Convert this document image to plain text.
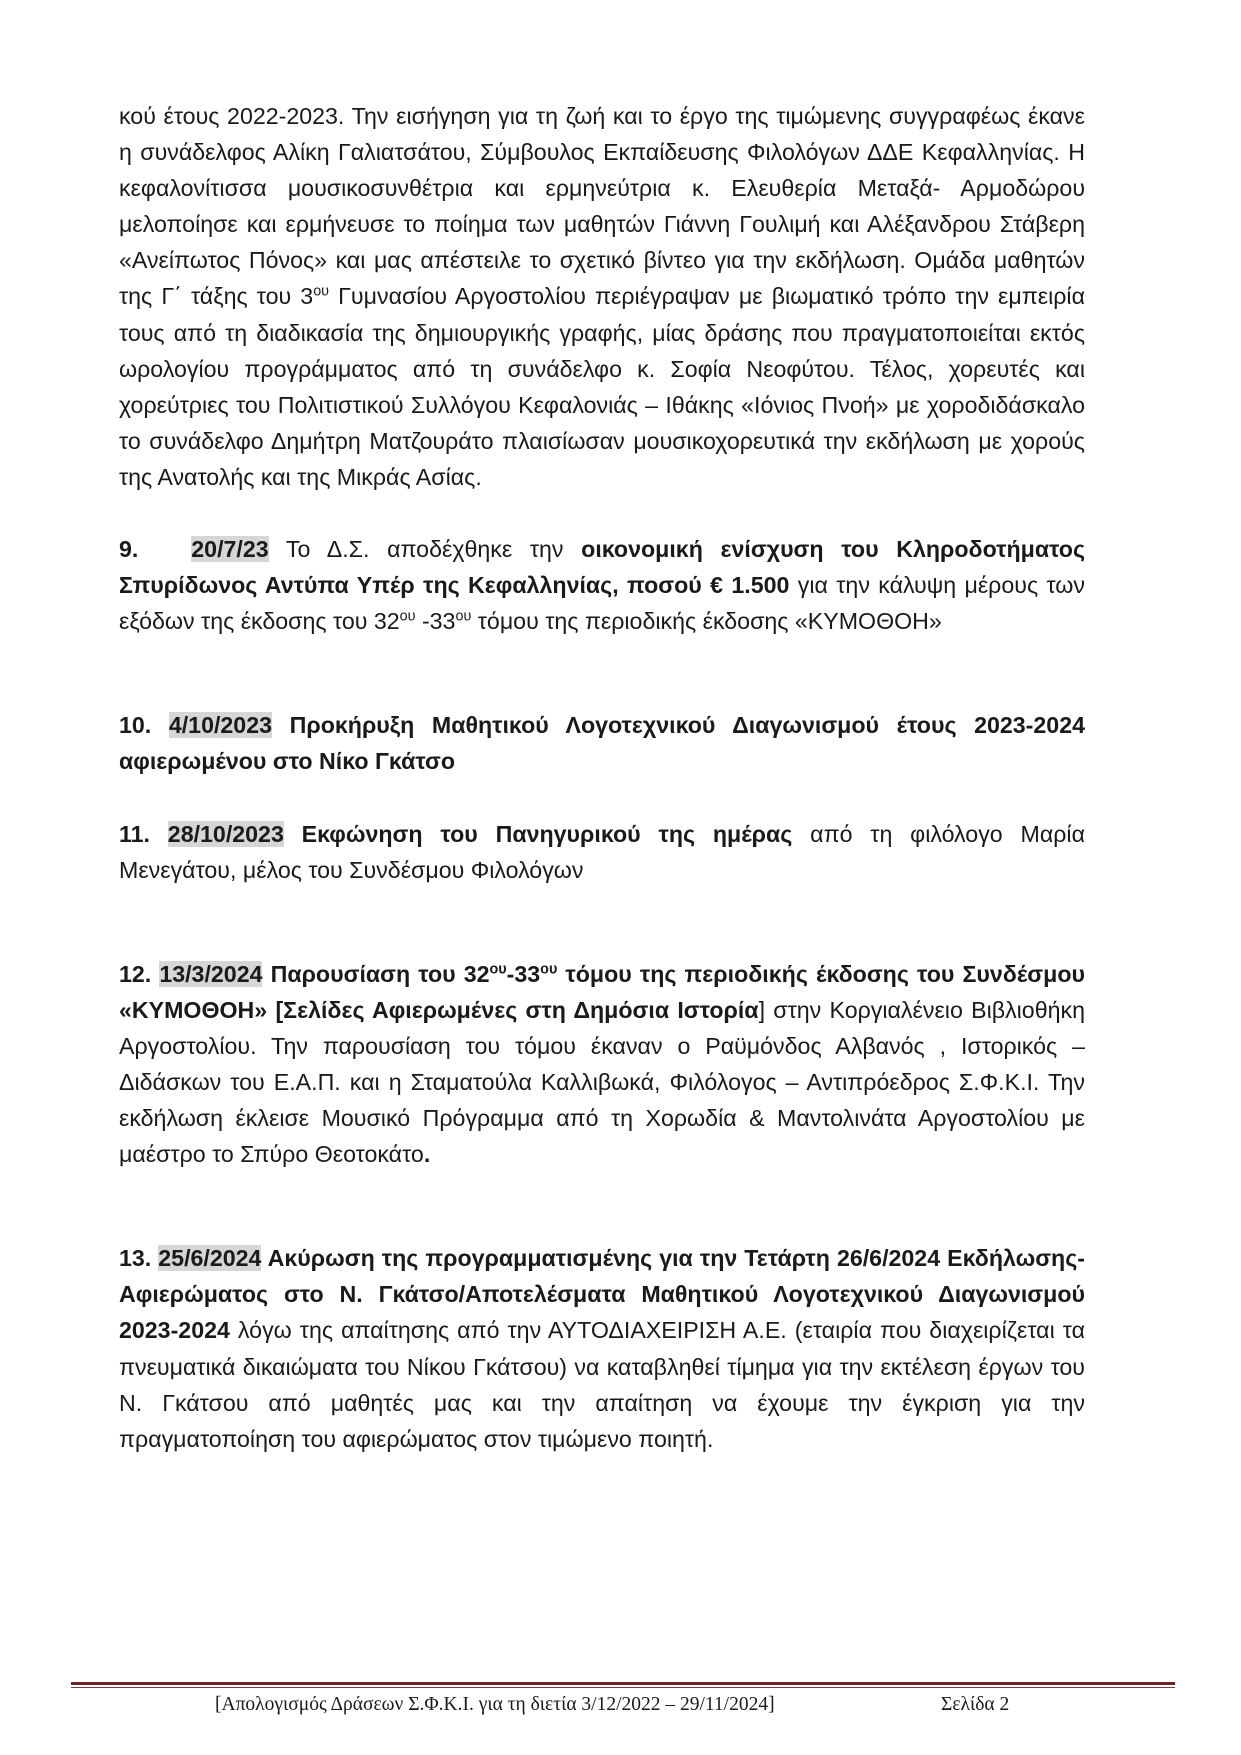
κού έτους 2022-2023. Την εισήγηση για τη ζωή και το έργο της τιμώμενης συγγραφέως έκανε η συνάδελφος Αλίκη Γαλιατσάτου, Σύμβουλος Εκπαίδευσης Φιλολόγων ΔΔΕ Κεφαλληνίας. Η κεφαλονίτισσα μουσικοσυνθέτρια και ερμηνεύτρια κ. Ελευθερία Μεταξά- Αρμοδώρου μελοποίησε και ερμήνευσε το ποίημα των μαθητών Γιάννη Γουλιμή και Αλέξανδρου Στάβερη «Ανείπωτος Πόνος» και μας απέστειλε το σχετικό βίντεο για την εκδήλωση. Ομάδα μαθητών της Γ΄ τάξης του $3^{o\upsilon}$ Γυμνασίου Αργοστολίου περιέγραψαν με βιωματικό τρόπο την εμπειρία τους από τη διαδικασία της δημιουργικής γραφής, μίας δράσης που πραγματοποιείται εκτός ωρολογίου προγράμματος από τη συνάδελφο κ. Σοφία Νεοφύτου. Τέλος, χορευτές και χορεύτριες του Πολιτιστικού Συλλόγου Κεφαλονιάς – Ιθάκης «Ιόνιος Πνοή» με χοροδιδάσκαλο το συνάδελφο Δημήτρη Ματζουράτο πλαισίωσαν μουσικοχορευτικά την εκδήλωση με χορούς της Ανατολής και της Μικράς Ασίας.

9. 20/7/23 Το Δ.Σ. αποδέχθηκε την οικονομική ενίσχυση του Κληροδοτήματος Σπυρίδωνος Αντύπα Υπέρ της Κεφαλληνίας, ποσού € 1.500 για την κάλυψη μέρους των εξόδων της έκδοσης του $32^{o\upsilon}$ $-33^{o\upsilon}$ τόμου της περιοδικής έκδοσης «ΚΥΜΟΘΟΗ»

10. 4/10/2023 Προκήρυξη Μαθητικού Λογοτεχνικού Διαγωνισμού έτους 2023-2024 αφιερωμένου στο Νίκο Γκάτσο

11. 28/10/2023 Εκφώνηση του Πανηγυρικού της ημέρας από τη φιλόλογο Μαρία Μενεγάτου, μέλος του Συνδέσμου Φιλολόγων

12. 13/3/2024 Παρουσίαση του $32^{o\upsilon}-33^{o\upsilon}$ τόμου της περιοδικής έκδοσης του Συνδέσμου «ΚΥΜΟΘΟΗ» [Σελίδες Αφιερωμένες στη Δημόσια Ιστορία] στην Κοργιαλένειο Βιβλιοθήκη Αργοστολίου. Την παρουσίαση του τόμου έκαναν ο Ραϋμόνδος Αλβανός , Ιστορικός – Διδάσκων του Ε.Α.Π. και η Σταματούλα Καλλιβωκά, Φιλόλογος – Αντιπρόεδρος Σ.Φ.Κ.Ι. Την εκδήλωση έκλεισε Μουσικό Πρόγραμμα από τη Χορωδία & Μαντολινάτα Αργοστολίου με μαέστρο το Σπύρο Θεοτοκάτο.

13. 25/6/2024 Ακύρωση της προγραμματισμένης για την Τετάρτη 26/6/2024 Εκδήλωσης- Αφιερώματος στο Ν. Γκάτσο/Αποτελέσματα Μαθητικού Λογοτεχνικού Διαγωνισμού 2023-2024 λόγω της απαίτησης από την ΑΥΤΟΔΙΑΧΕΙΡΙΣΗ Α.Ε. (εταιρία που διαχειρίζεται τα πνευματικά δικαιώματα του Νίκου Γκάτσου) να καταβληθεί τίμημα για την εκτέλεση έργων του Ν. Γκάτσου από μαθητές μας και την απαίτηση να έχουμε την έγκριση για την πραγματοποίηση του αφιερώματος στον τιμώμενο ποιητή.

[Απολογισμός Δράσεων Σ.Φ.Κ.Ι. για τη διετία 3/12/2022 – 29/11/2024]	Σελίδα 2
